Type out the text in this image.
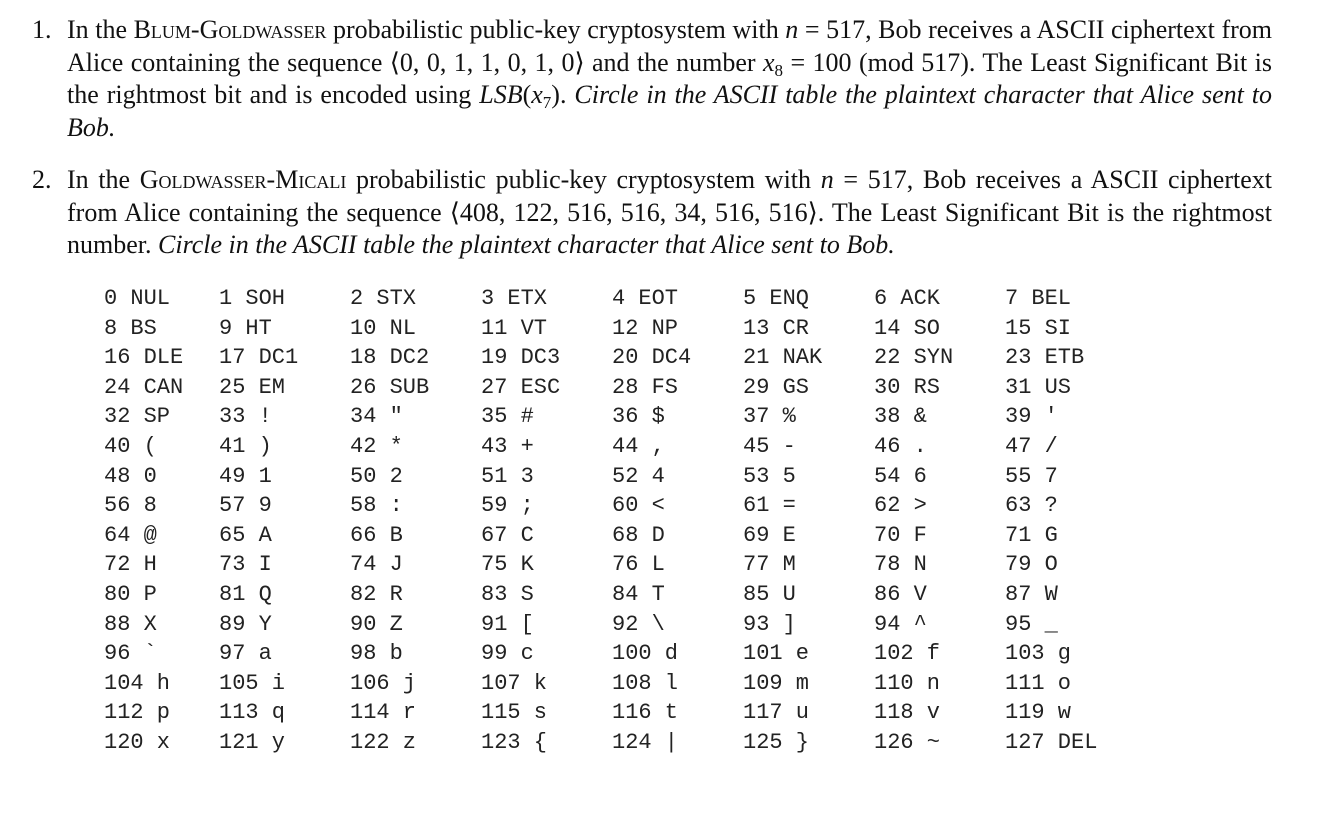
1. In the Blum-Goldwasser probabilistic public-key cryptosystem with n = 517, Bob receives a ASCII ciphertext from Alice containing the sequence ⟨0, 0, 1, 1, 0, 1, 0⟩ and the number $x_8 = 100$ (mod 517). The Least Significant Bit is the rightmost bit and is encoded using $LSB(x_7)$. Circle in the ASCII table the plaintext character that Alice sent to Bob.
2. In the Goldwasser-Micali probabilistic public-key cryptosystem with n = 517, Bob receives a ASCII ciphertext from Alice containing the sequence ⟨408, 122, 516, 516, 34, 516, 516⟩. The Least Significant Bit is the rightmost number. Circle in the ASCII table the plaintext character that Alice sent to Bob.
0 NUL 1 SOH	2 STX	3 ETX	4 EOT	5 ENQ	6 ACK	7 BEL
8 BS	9 HT	10 NL	11 VT	12 NP	13 CR	14 SO	15 SI
16 DLE 17 DC1 18 DC2 19 DC3 20 DC4 21 NAK 22 SYN 23 ETB
24 CAN 25 EM	26 SUB 27 ESC 28 FS	29 GS	30 RS	31 US
32 SP 33 !	34 "	35 #	36 $	37 %	38 &	39 '
40 (	41 )	42 *	43 +	44 ,	45 -	46 .	47 /
48 0	49 1	50 2	51 3	52 4	53 5	54 6	55 7
56 8	57 9	58 :	59 ;	60 <	61 =	62 >	63 ?
64 @	65 A	66 B	67 C	68 D	69 E	70 F	71 G
72 H	73 I	74 J	75 K	76 L	77 M	78 N	79 O
80 P	81 Q	82 R	83 S	84 T	85 U	86 V	87 W
88 X	89 Y	90 Z	91 [	92 \	93 ]	94 ^	95 _
96 `	97 a	98 b	99 c	100 d	101 e	102 f	103 g
104 h 105 i	106 j	107 k	108 l	109 m	110 n	111 o
112 p 113 q	114 r	115 s	116 t	117 u	118 v	119 w
120 x 121 y	122 z	123 {	124 |	125 }	126 ~	127 DEL
